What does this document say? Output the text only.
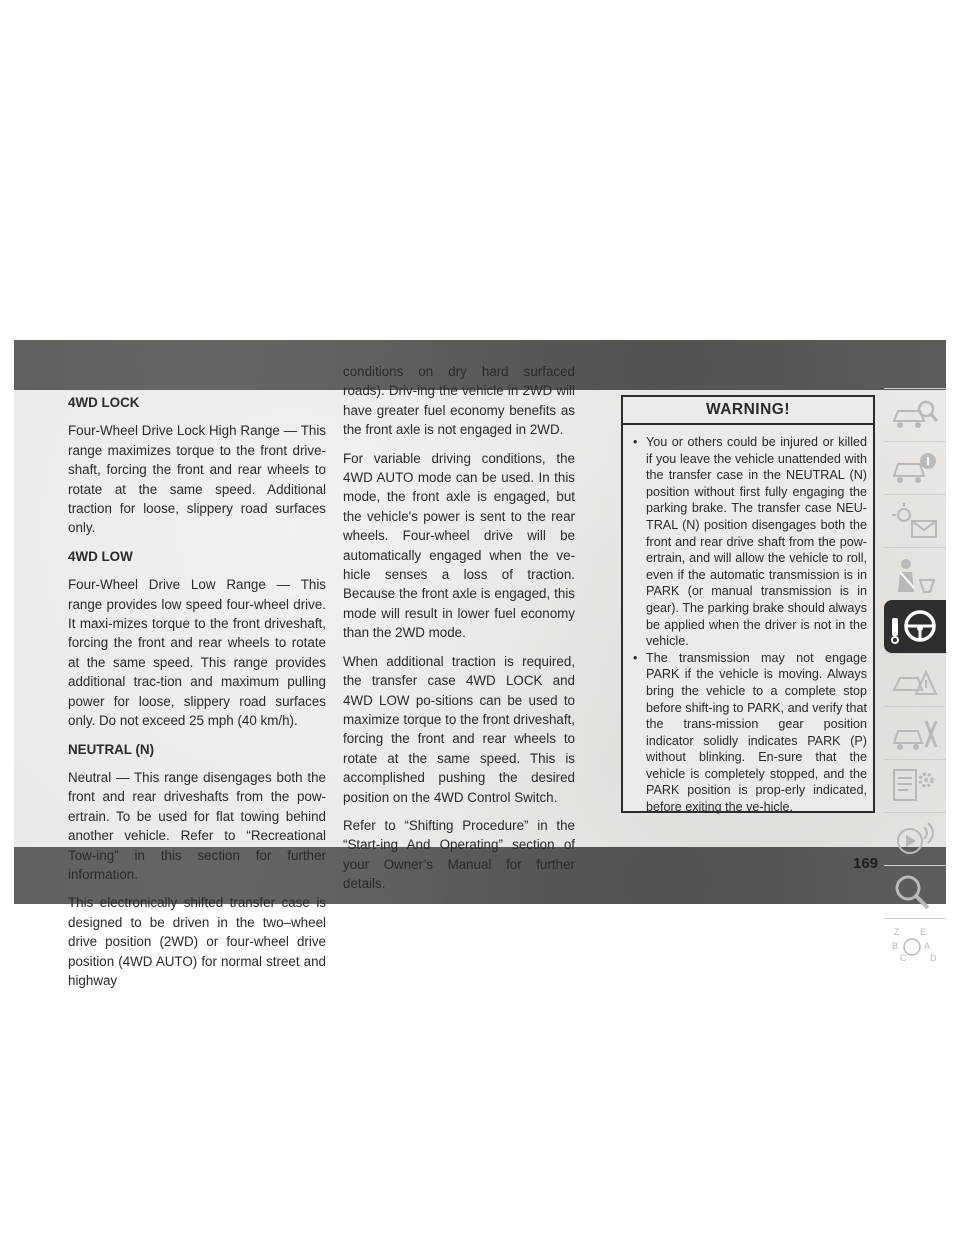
4WD LOCK

Four-Wheel Drive Lock High Range — This range maximizes torque to the front drive-shaft, forcing the front and rear wheels to rotate at the same speed. Additional traction for loose, slippery road surfaces only.

4WD LOW

Four-Wheel Drive Low Range — This range provides low speed four-wheel drive. It maxi-mizes torque to the front driveshaft, forcing the front and rear wheels to rotate at the same speed. This range provides additional trac-tion and maximum pulling power for loose, slippery road surfaces only. Do not exceed 25 mph (40 km/h).

NEUTRAL (N)

Neutral — This range disengages both the front and rear driveshafts from the pow-ertrain. To be used for flat towing behind another vehicle. Refer to “Recreational Tow-ing” in this section for further information.

This electronically shifted transfer case is designed to be driven in the two–wheel drive position (2WD) or four-wheel drive position (4WD AUTO) for normal street and highway

conditions on dry hard surfaced roads). Driv-ing the vehicle in 2WD will have greater fuel economy benefits as the front axle is not engaged in 2WD.

For variable driving conditions, the 4WD AUTO mode can be used. In this mode, the front axle is engaged, but the vehicle's power is sent to the rear wheels. Four-wheel drive will be automatically engaged when the ve-hicle senses a loss of traction. Because the front axle is engaged, this mode will result in lower fuel economy than the 2WD mode.

When additional traction is required, the transfer case 4WD LOCK and 4WD LOW po-sitions can be used to maximize torque to the front driveshaft, forcing the front and rear wheels to rotate at the same speed. This is accomplished pushing the desired position on the 4WD Control Switch.

Refer to “Shifting Procedure” in the “Start-ing And Operating” section of your Owner’s Manual for further details.

WARNING!
• You or others could be injured or killed if you leave the vehicle unattended with the transfer case in the NEUTRAL (N) position without first fully engaging the parking brake. The transfer case NEU-TRAL (N) position disengages both the front and rear drive shaft from the pow-ertrain, and will allow the vehicle to roll, even if the automatic transmission is in PARK (or manual transmission is in gear). The parking brake should always be applied when the driver is not in the vehicle.
• The transmission may not engage PARK if the vehicle is moving. Always bring the vehicle to a complete stop before shift-ing to PARK, and verify that the trans-mission gear position indicator solidly indicates PARK (P) without blinking. En-sure that the vehicle is completely stopped, and the PARK position is prop-erly indicated, before exiting the ve-hicle.
Z E
B	A
C	D
169
